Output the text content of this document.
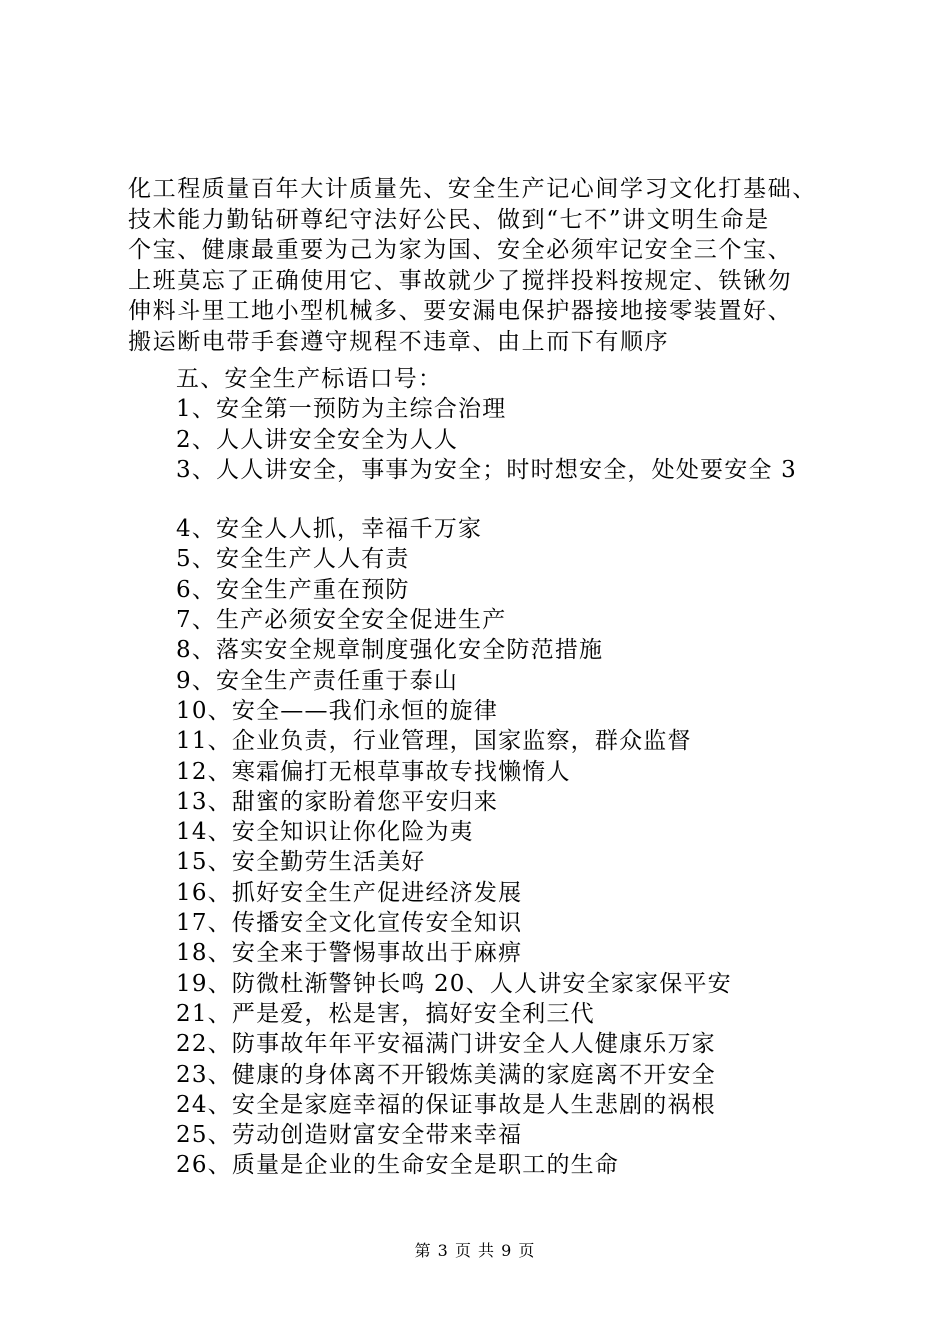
化工程质量百年大计质量先、安全生产记心间学习文化打基础、
技术能力勤钻研尊纪守法好公民、做到“七不”讲文明生命是
个宝、健康最重要为己为家为国、安全必须牢记安全三个宝、
上班莫忘了正确使用它、事故就少了搅拌投料按规定、铁锹勿
伸料斗里工地小型机械多、要安漏电保护器接地接零装置好、
搬运断电带手套遵守规程不违章、由上而下有顺序
五、安全生产标语口号：
1、安全第一预防为主综合治理
2、人人讲安全安全为人人
3、人人讲安全，事事为安全；时时想安全，处处要安全 3
4、安全人人抓，幸福千万家
5、安全生产人人有责
6、安全生产重在预防
7、生产必须安全安全促进生产
8、落实安全规章制度强化安全防范措施
9、安全生产责任重于泰山
10、安全——我们永恒的旋律
11、企业负责，行业管理，国家监察，群众监督
12、寒霜偏打无根草事故专找懒惰人
13、甜蜜的家盼着您平安归来
14、安全知识让你化险为夷
15、安全勤劳生活美好
16、抓好安全生产促进经济发展
17、传播安全文化宣传安全知识
18、安全来于警惕事故出于麻痹
19、防微杜渐警钟长鸣 20、人人讲安全家家保平安
21、严是爱，松是害，搞好安全利三代
22、防事故年年平安福满门讲安全人人健康乐万家
23、健康的身体离不开锻炼美满的家庭离不开安全
24、安全是家庭幸福的保证事故是人生悲剧的祸根
25、劳动创造财富安全带来幸福
26、质量是企业的生命安全是职工的生命
第 3 页 共 9 页
